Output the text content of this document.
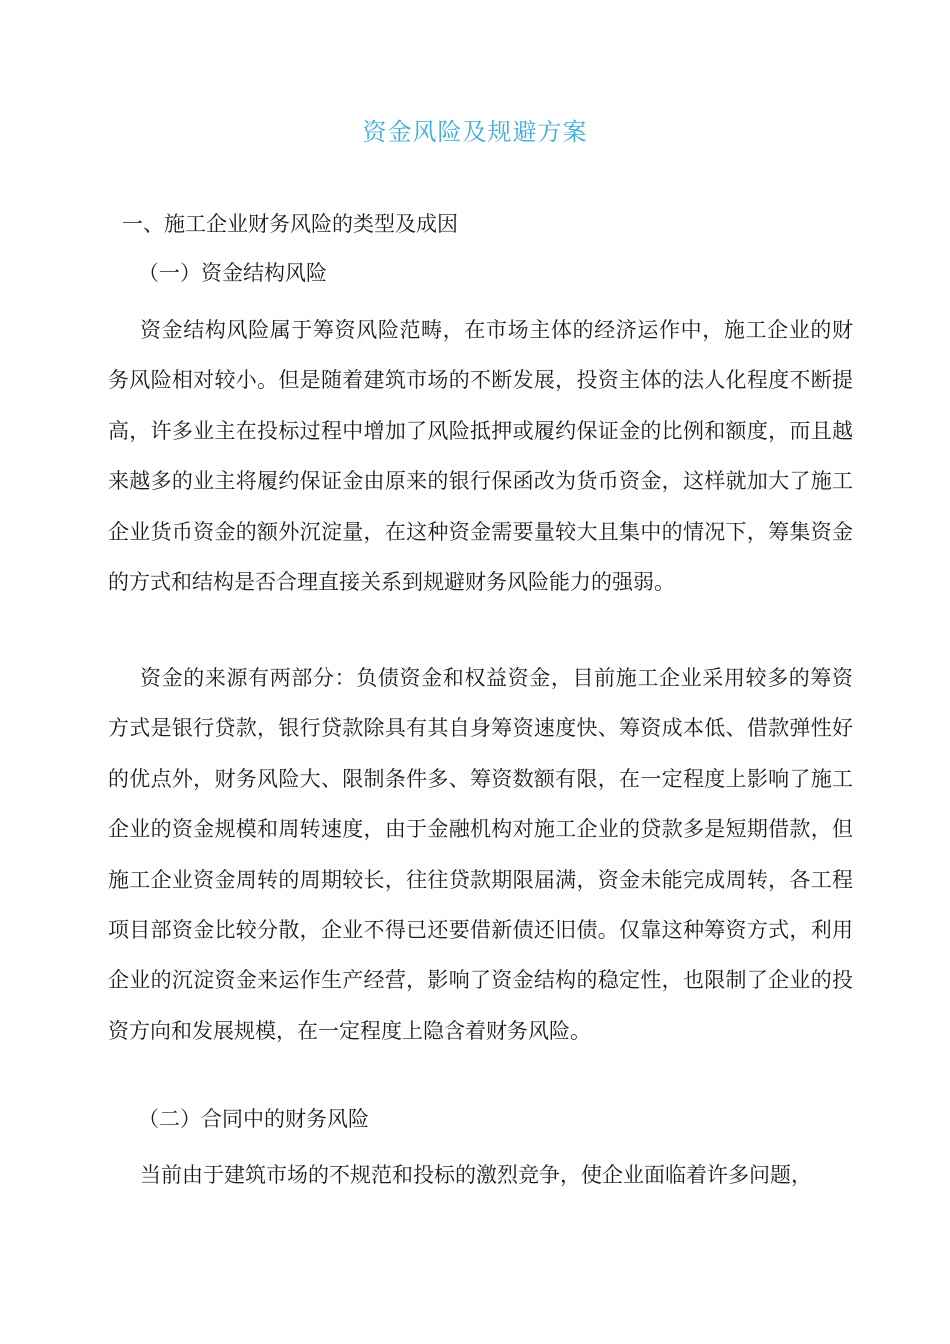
资金风险及规避方案
一、施工企业财务风险的类型及成因
（一）资金结构风险
资金结构风险属于筹资风险范畴，在市场主体的经济运作中，施工企业的财务风险相对较小。但是随着建筑市场的不断发展，投资主体的法人化程度不断提高，许多业主在投标过程中增加了风险抵押或履约保证金的比例和额度，而且越来越多的业主将履约保证金由原来的银行保函改为货币资金，这样就加大了施工企业货币资金的额外沉淀量，在这种资金需要量较大且集中的情况下，筹集资金的方式和结构是否合理直接关系到规避财务风险能力的强弱。
资金的来源有两部分：负债资金和权益资金，目前施工企业采用较多的筹资方式是银行贷款，银行贷款除具有其自身筹资速度快、筹资成本低、借款弹性好的优点外，财务风险大、限制条件多、筹资数额有限，在一定程度上影响了施工企业的资金规模和周转速度，由于金融机构对施工企业的贷款多是短期借款，但施工企业资金周转的周期较长，往往贷款期限届满，资金未能完成周转，各工程项目部资金比较分散，企业不得已还要借新债还旧债。仅靠这种筹资方式，利用企业的沉淀资金来运作生产经营，影响了资金结构的稳定性，也限制了企业的投资方向和发展规模，在一定程度上隐含着财务风险。
（二）合同中的财务风险
当前由于建筑市场的不规范和投标的激烈竞争，使企业面临着许多问题，
